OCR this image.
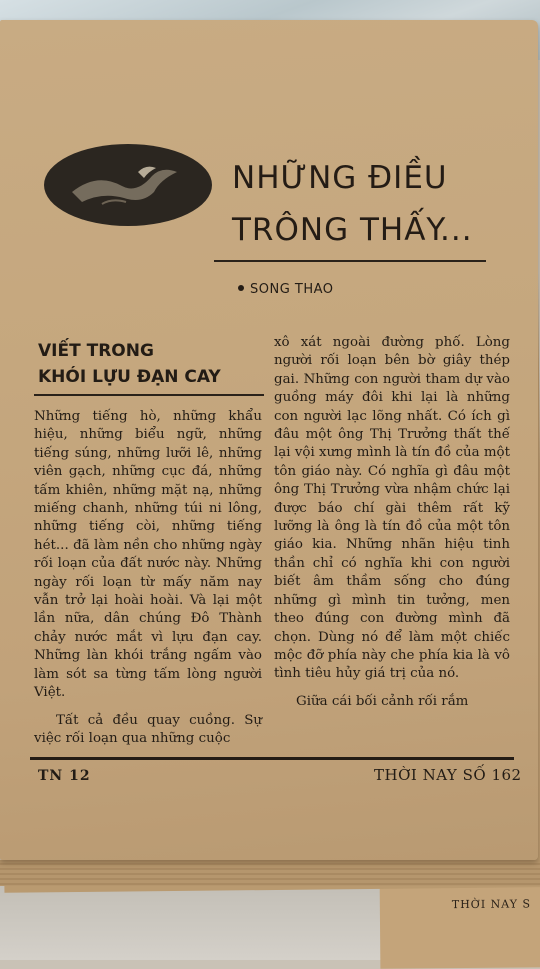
THỜI NAY S
NHỮNG ĐIỀU
TRÔNG THẤY...
SONG THAO
VIẾT TRONG
KHÓI LỰU ĐẠN CAY

Những tiếng hò, những khẩu hiệu, những biểu ngữ, những tiếng súng, những lưỡi lê, những viên gạch, những cục đá, những tấm khiên, những mặt nạ, những miếng chanh, những túi ni lông, những tiếng còi, những tiếng hét... đã làm nền cho những ngày rối loạn của đất nước này. Những ngày rối loạn từ mấy năm nay vẫn trở lại hoài hoài. Và lại một lần nữa, dân chúng Đô Thành chảy nước mắt vì lựu đạn cay. Những làn khói trắng ngấm vào làm sót sa từng tấm lòng người Việt.

Tất cả đều quay cuồng. Sự việc rối loạn qua những cuộc

xô xát ngoài đường phố. Lòng người rối loạn bên bờ giây thép gai. Những con người tham dự vào guồng máy đôi khi lại là những con người lạc lõng nhất. Có ích gì đâu một ông Thị Trưởng thất thế lại vội xưng mình là tín đồ của một tôn giáo này. Có nghĩa gì đâu một ông Thị Trưởng vừa nhậm chức lại được báo chí gài thêm rất kỹ lưỡng là ông là tín đồ của một tôn giáo kia. Những nhãn hiệu tinh thần chỉ có nghĩa khi con người biết âm thầm sống cho đúng những gì mình tin tưởng, men theo đúng con đường mình đã chọn. Dùng nó để làm một chiếc mộc đỡ phía này che phía kia là vô tình tiêu hủy giá trị của nó.

Giữa cái bối cảnh rối rắm

TN 12	THỜI NAY SỐ 162
